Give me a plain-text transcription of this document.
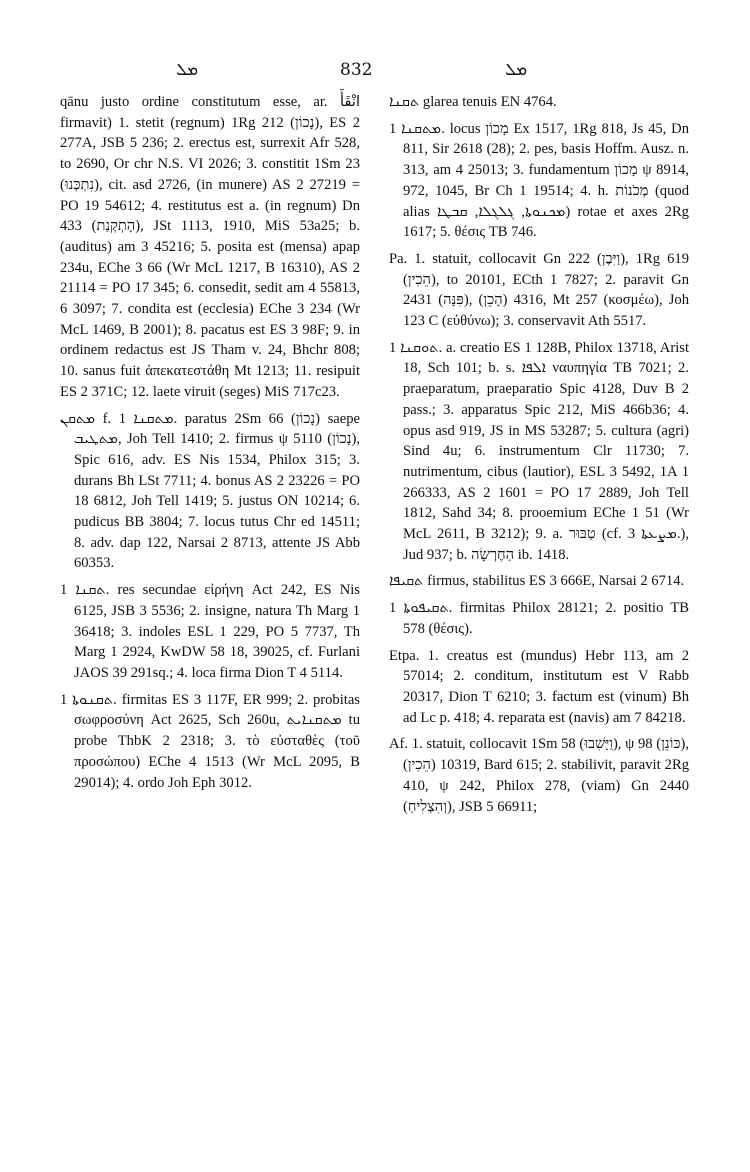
ܡܠ	832	ܡܠ

qānu justo ordine constitutum esse, ar. انْقَأَ firmavit) 1. stetit (regnum) 1Rg 212 (נָכוֹן), ES 2 277A, JSB 5 236; 2. erectus est, surrexit Afr 528, to 2690, Or chr N.S. VI 2026; 3. constitit 1Sm 23 (נִתְכְּנוּ), cit. asd 2726, (in munere) AS 2 27219 = PO 19 54612; 4. restitutus est a. (in regnum) Dn 433 (הָתְקְנַת), JSt 1113, 1910, MiS 53a25; b. (auditus) am 3 45216; 5. posita est (mensa) apap 234u, EChe 3 66 (Wr McL 1217, B 16310), AS 2 21114 = PO 17 345; 6. consedit, sedit am 4 55813, 6 3097; 7. condita est (ecclesia) EChe 3 234 (Wr McL 1469, B 2001); 8. pacatus est ES 3 98F; 9. in ordinem redactus est JS Tham v. 24, Bhchr 808; 10. sanus fuit ἀπεκατεστάθη Mt 1213; 11. resipuit ES 2 371C; 12. laete viruit (seges) MiS 717c23.

ܡܬܩܢ f. ܡܬܩܢܐ 1. paratus 2Sm 66 (נָכוֹן) saepe ܡܬܛܝܒ, Joh Tell 1410; 2. firmus ψ 5110 (נָכוֹן), Spic 616, adv. ES Nis 1534, Philox 315; 3. durans Bh LSt 7711; 4. bonus AS 2 23226 = PO 18 6812, Joh Tell 1419; 5. justus ON 10214; 6. pudicus BB 3804; 7. locus tutus Chr ed 14511; 8. adv. dap 122, Narsai 2 8713, attente JS Abb 60353.

ܬܩܢܐ 1. res secundae εἰρήνη Act 242, ES Nis 6125, JSB 3 5536; 2. insigne, natura Th Marg 1 36418; 3. indoles ESL 1 229, PO 5 7737, Th Marg 1 2924, KwDW 58 18, 39025, cf. Furlani JAOS 39 291sq.; 4. loca firma Dion T 4 5114.

ܬܩܢܘܬܐ 1. firmitas ES 3 117F, ER 999; 2. probitas σωφροσύνη Act 2625, Sch 260u, ܡܬܩܢܐܝܬ tu probe ThbK 2 2318; 3. τὸ εὐσταθὲς (τοῦ προσώπου) EChe 4 1513 (Wr McL 2095, B 29014); 4. ordo Joh Eph 3012.

ܬܩܢܐ glarea tenuis EN 4764.

ܡܬܩܢܐ 1. locus מָכוֹן Ex 1517, 1Rg 818, Js 45, Dn 811, Sir 2618 (28); 2. pes, basis Hoffm. Ausz. n. 313, am 4 25013; 3. fundamentum מָכוֹן ψ 8914, 972, 1045, Br Ch 1 19514; 4. h. מְכֹנוֹת (quod alias ܡܟܢܘܬܐ, ܓܠܓܠܐ, ܩܒܛܐ) rotae et axes 2Rg 1617; 5. θέσις TB 746.

Pa. 1. statuit, collocavit Gn 222 (וַיִּבֶן), 1Rg 619 (הֵכִין), to 20101, ECth 1 7827; 2. paravit Gn 2431 (פִּנָּה), 4316 (הָכֵן), Mt 257 (κοσμέω), Joh 123 C (εὐθύνω); 3. conservavit Ath 5517.

ܬܘܩܢܐ 1. a. creatio ES 1 128B, Philox 13718, Arist 18, Sch 101; b. s. ܐܠܦܐ ναυπηγία TB 7021; 2. praeparatum, praeparatio Spic 4128, Duv B 2 pass.; 3. apparatus Spic 212, MiS 466b36; 4. opus asd 919, JS in MS 53287; 5. cultura (agri) Sind 4u; 6. instrumentum Clr 11730; 7. nutrimentum, cibus (lautior), ESL 3 5492, 1A 1 266333, AS 2 1601 = PO 17 2889, Joh Tell 1812, Sahd 34; 8. prooemium EChe 1 51 (Wr McL 2611, B 3212); 9. a. טַבּוּר (cf. ܡܨܥܬܐ 3.), Jud 937; b. הַחֶרְשָׂה ib. 1418.

ܬܩܝܦܐ firmus, stabilitus ES 3 666E, Narsai 2 6714.

ܬܩܝܦܘܬܐ 1. firmitas Philox 28121; 2. positio TB 578 (θέσις).

Etpa. 1. creatus est (mundus) Hebr 113, am 2 57014; 2. conditum, institutum est V Rabb 20317, Dion T 6210; 3. factum est (vinum) Bh ad Lc p. 418; 4. reparata est (navis) am 7 84218.

Af. 1. statuit, collocavit 1Sm 58 (וַיָּשִׁבוּ), ψ 98 (כּוֹנֵן), 10319 (הֵכִין), Bard 615; 2. stabilivit, paravit 2Rg 410, ψ 242, Philox 278, (viam) Gn 2440 (וְהִצְלִיחַ), JSB 5 66911;
